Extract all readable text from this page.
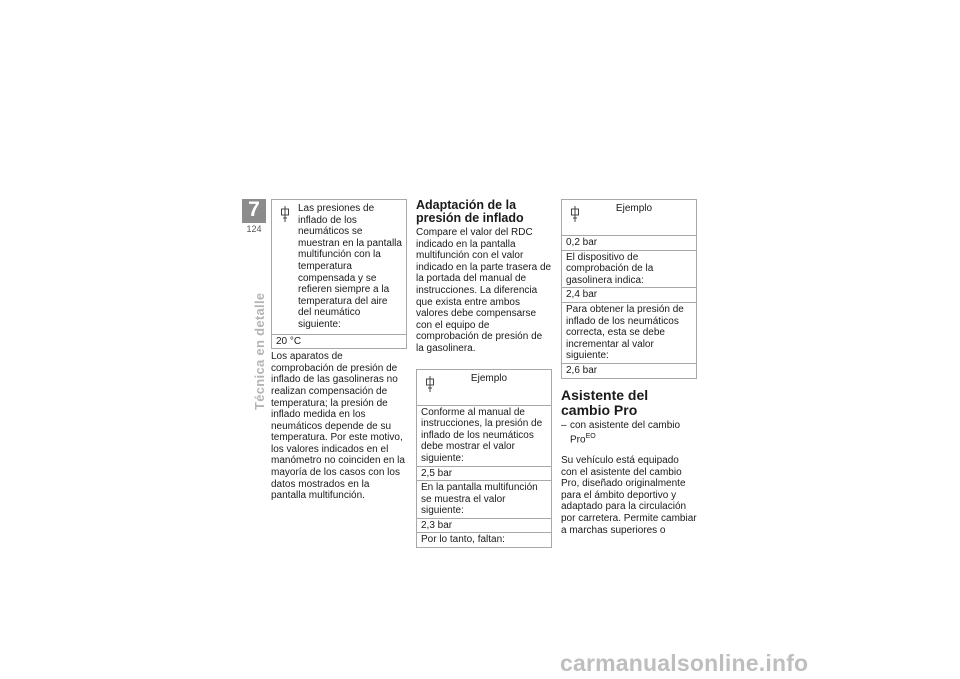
7
124
Técnica en detalle

Las presiones de inflado de los neumáticos se muestran en la pantalla multifunción con la temperatura compensada y se refieren siempre a la temperatura del aire del neumático siguiente:

20 °C

Los aparatos de comprobación de presión de inflado de las gasolineras no realizan compensación de temperatura; la presión de inflado medida en los neumáticos depende de su temperatura. Por este motivo, los valores indicados en el manómetro no coinciden en la mayoría de los casos con los datos mostrados en la pantalla multifunción.

Adaptación de la presión de inflado

Compare el valor del RDC indicado en la pantalla multifunción con el valor indicado en la parte trasera de la portada del manual de instrucciones. La diferencia que exista entre ambos valores debe compensarse con el equipo de comprobación de presión de la gasolinera.

Ejemplo
Conforme al manual de instrucciones, la presión de inflado de los neumáticos debe mostrar el valor siguiente:
2,5 bar
En la pantalla multifunción se muestra el valor siguiente:
2,3 bar
Por lo tanto, faltan:
Ejemplo
0,2 bar
El dispositivo de comprobación de la gasolinera indica:
2,4 bar
Para obtener la presión de inflado de los neumáticos correcta, esta se debe incrementar al valor siguiente:
2,6 bar
Asistente del cambio Pro
– con asistente del cambio Pro$^{EO}$

Su vehículo está equipado con el asistente del cambio Pro, diseñado originalmente para el ámbito deportivo y adaptado para la circulación por carretera. Permite cambiar a marchas superiores o

carmanualsonline.info
